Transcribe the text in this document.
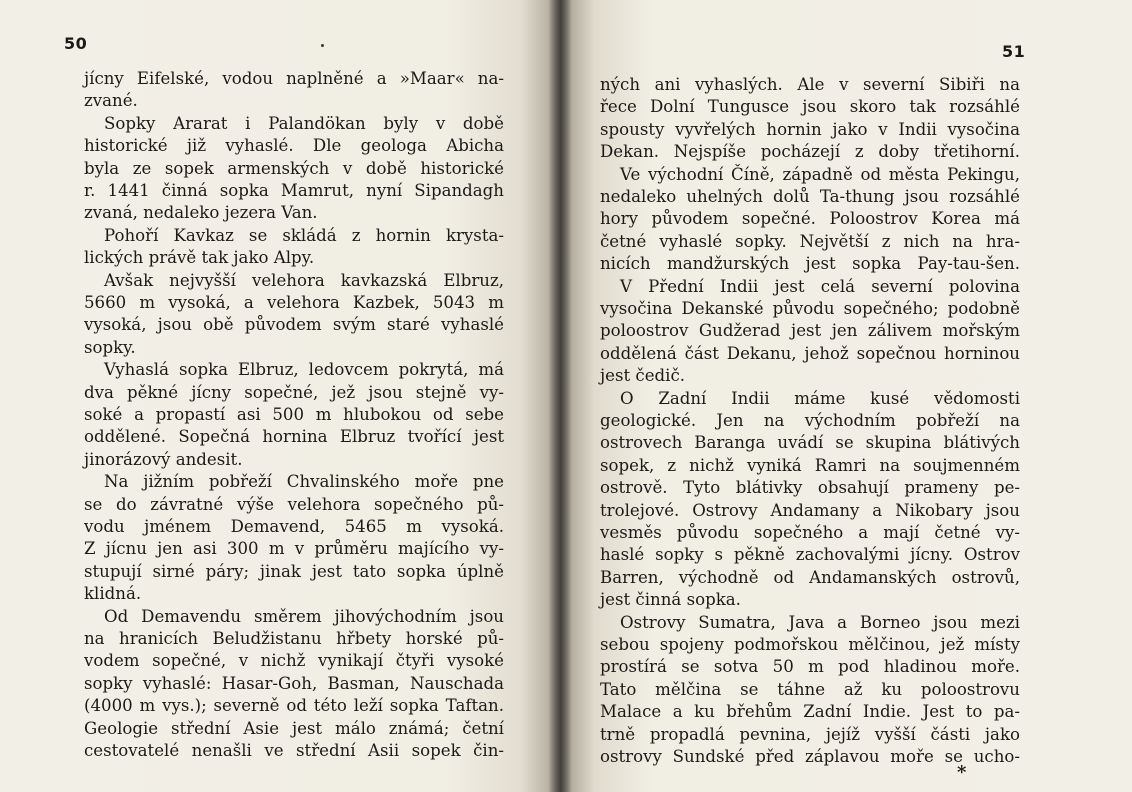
50
jícny Eifelské, vodou naplněné a »Maar« na-
zvané.
Sopky Ararat i Palandökan byly v době
historické již vyhaslé. Dle geologa Abicha
byla ze sopek armenských v době historické
r. 1441 činná sopka Mamrut, nyní Sipandagh
zvaná, nedaleko jezera Van.
Pohoří Kavkaz se skládá z hornin krysta-
lických právě tak jako Alpy.
Avšak nejvyšší velehora kavkazská Elbruz,
5660 m vysoká, a velehora Kazbek, 5043 m
vysoká, jsou obě původem svým staré vyhaslé
sopky.
Vyhaslá sopka Elbruz, ledovcem pokrytá, má
dva pěkné jícny sopečné, jež jsou stejně vy-
soké a propastí asi 500 m hlubokou od sebe
oddělené. Sopečná hornina Elbruz tvořící jest
jinorázový andesit.
Na jižním pobřeží Chvalinského moře pne
se do závratné výše velehora sopečného pů-
vodu jménem Demavend, 5465 m vysoká.
Z jícnu jen asi 300 m v průměru majícího vy-
stupují sirné páry; jinak jest tato sopka úplně
klidná.
Od Demavendu směrem jihovýchodním jsou
na hranicích Beludžistanu hřbety horské pů-
vodem sopečné, v nichž vynikají čtyři vysoké
sopky vyhaslé: Hasar-Goh, Basman, Nauschada
(4000 m vys.); severně od této leží sopka Taftan.
Geologie střední Asie jest málo známá; četní
cestovatelé nenašli ve střední Asii sopek čin-
51
ných ani vyhaslých. Ale v severní Sibiři na
řece Dolní Tungusce jsou skoro tak rozsáhlé
spousty vyvřelých hornin jako v Indii vysočina
Dekan. Nejspíše pocházejí z doby třetihorní.
Ve východní Číně, západně od města Pekingu,
nedaleko uhelných dolů Ta-thung jsou rozsáhlé
hory původem sopečné. Poloostrov Korea má
četné vyhaslé sopky. Největší z nich na hra-
nicích mandžurských jest sopka Pay-tau-šen.
V Přední Indii jest celá severní polovina
vysočina Dekanské původu sopečného; podobně
poloostrov Gudžerad jest jen zálivem mořským
oddělená část Dekanu, jehož sopečnou horninou
jest čedič.
O Zadní Indii máme kusé vědomosti
geologické. Jen na východním pobřeží na
ostrovech Baranga uvádí se skupina blátivých
sopek, z nichž vyniká Ramri na soujmenném
ostrově. Tyto blátivky obsahují prameny pe-
trolejové. Ostrovy Andamany a Nikobary jsou
vesměs původu sopečného a mají četné vy-
haslé sopky s pěkně zachovalými jícny. Ostrov
Barren, východně od Andamanských ostrovů,
jest činná sopka.
Ostrovy Sumatra, Java a Borneo jsou mezi
sebou spojeny podmořskou mělčinou, jež místy
prostírá se sotva 50 m pod hladinou moře.
Tato mělčina se táhne až ku poloostrovu
Malace a ku břehům Zadní Indie. Jest to pa-
trně propadlá pevnina, jejíž vyšší části jako
ostrovy Sundské před záplavou moře se ucho-
*
